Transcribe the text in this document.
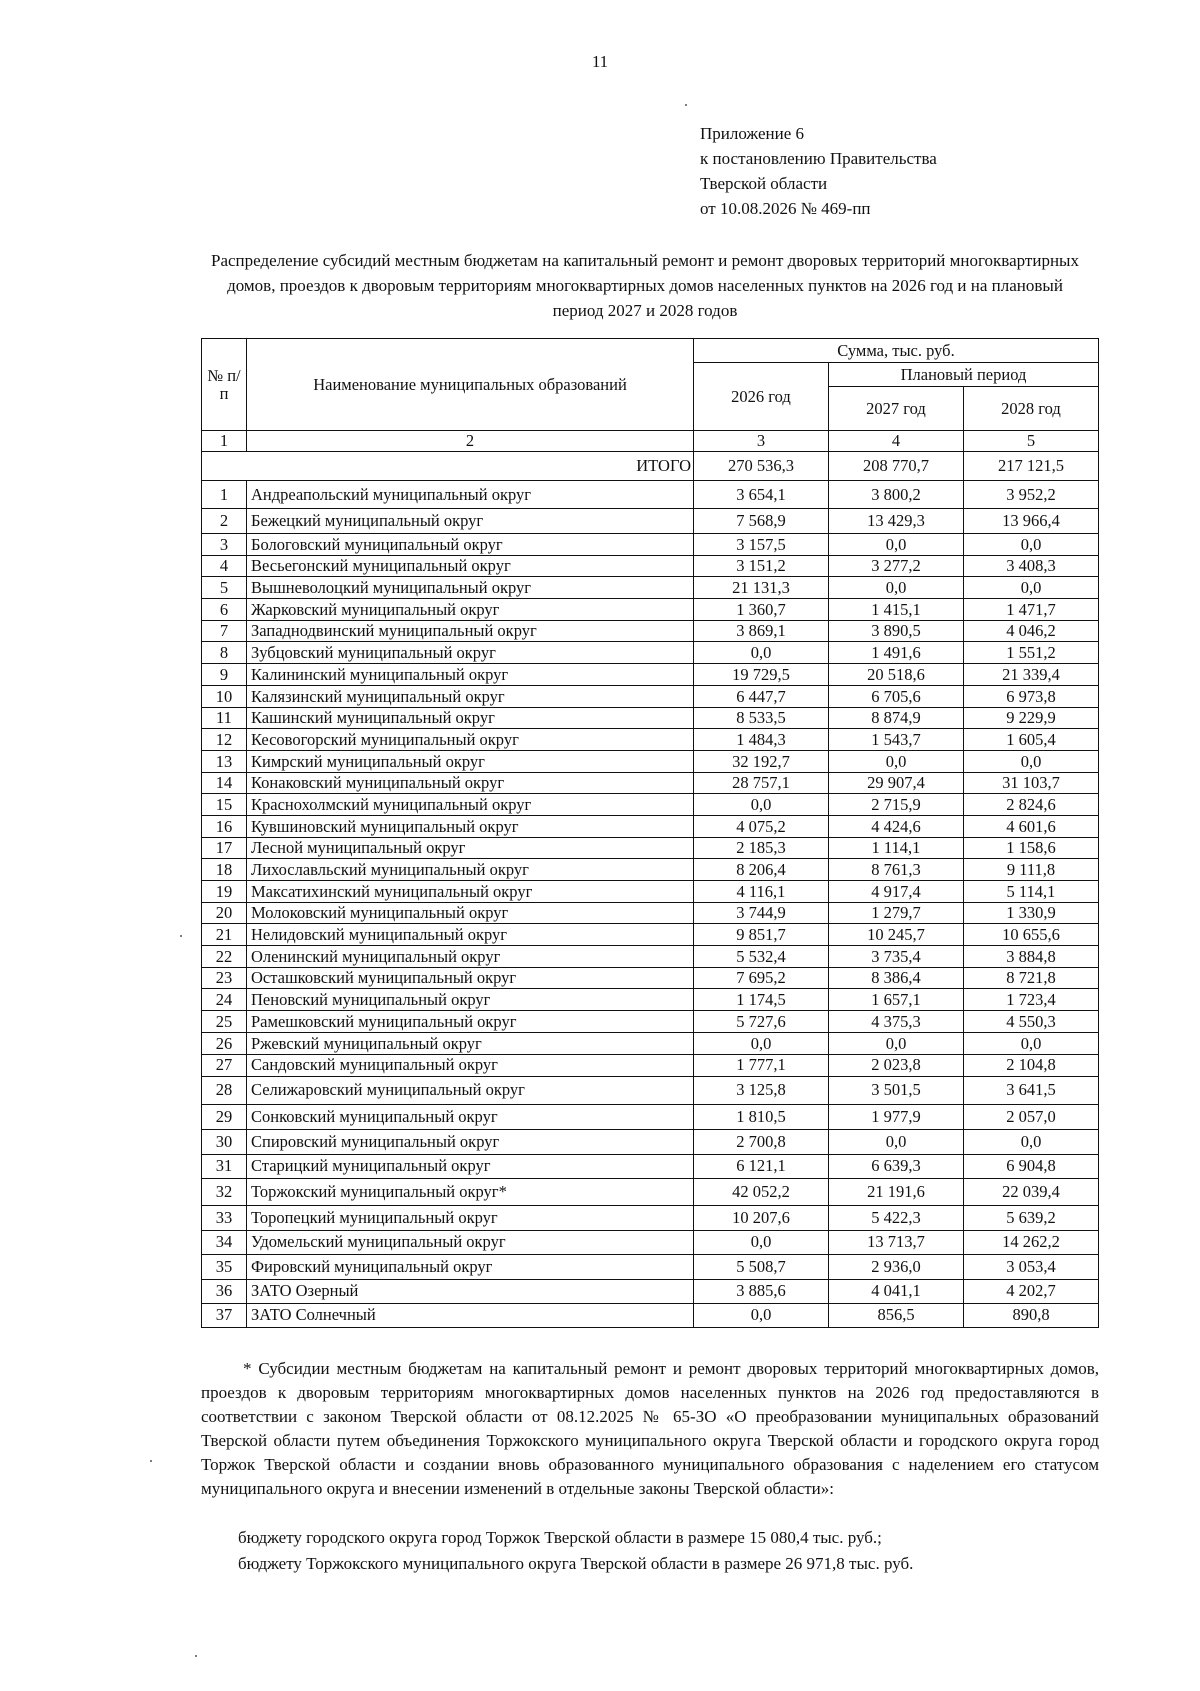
11
Приложение 6
к постановлению Правительства
Тверской области
от 10.08.2026 № 469-пп
Распределение субсидий местным бюджетам на капитальный ремонт и ремонт дворовых территорий многоквартирных домов, проездов к дворовым территориям многоквартирных домов населенных пунктов на 2026 год и на плановый период 2027 и 2028 годов
№ п/п	Наименование муниципальных образований	Сумма, тыс. руб.		
		2026 год	Плановый период	
			2027 год	2028 год
1	2	3	4	5
ИТОГО		270 536,3	208 770,7	217 121,5
1	Андреапольский муниципальный округ	3 654,1	3 800,2	3 952,2
2	Бежецкий муниципальный округ	7 568,9	13 429,3	13 966,4
3	Бологовский муниципальный округ	3 157,5	0,0	0,0
4	Весьегонский муниципальный округ	3 151,2	3 277,2	3 408,3
5	Вышневолоцкий муниципальный округ	21 131,3	0,0	0,0
6	Жарковский муниципальный округ	1 360,7	1 415,1	1 471,7
7	Западнодвинский муниципальный округ	3 869,1	3 890,5	4 046,2
8	Зубцовский муниципальный округ	0,0	1 491,6	1 551,2
9	Калининский муниципальный округ	19 729,5	20 518,6	21 339,4
10	Калязинский муниципальный округ	6 447,7	6 705,6	6 973,8
11	Кашинский муниципальный округ	8 533,5	8 874,9	9 229,9
12	Кесовогорский муниципальный округ	1 484,3	1 543,7	1 605,4
13	Кимрский муниципальный округ	32 192,7	0,0	0,0
14	Конаковский муниципальный округ	28 757,1	29 907,4	31 103,7
15	Краснохолмский муниципальный округ	0,0	2 715,9	2 824,6
16	Кувшиновский муниципальный округ	4 075,2	4 424,6	4 601,6
17	Лесной муниципальный округ	2 185,3	1 114,1	1 158,6
18	Лихославльский муниципальный округ	8 206,4	8 761,3	9 111,8
19	Максатихинский муниципальный округ	4 116,1	4 917,4	5 114,1
20	Молоковский муниципальный округ	3 744,9	1 279,7	1 330,9
21	Нелидовский муниципальный округ	9 851,7	10 245,7	10 655,6
22	Оленинский муниципальный округ	5 532,4	3 735,4	3 884,8
23	Осташковский муниципальный округ	7 695,2	8 386,4	8 721,8
24	Пеновский муниципальный округ	1 174,5	1 657,1	1 723,4
25	Рамешковский муниципальный округ	5 727,6	4 375,3	4 550,3
26	Ржевский муниципальный округ	0,0	0,0	0,0
27	Сандовский муниципальный округ	1 777,1	2 023,8	2 104,8
28	Селижаровский муниципальный округ	3 125,8	3 501,5	3 641,5
29	Сонковский муниципальный округ	1 810,5	1 977,9	2 057,0
30	Спировский муниципальный округ	2 700,8	0,0	0,0
31	Старицкий муниципальный округ	6 121,1	6 639,3	6 904,8
32	Торжокский муниципальный округ*	42 052,2	21 191,6	22 039,4
33	Торопецкий муниципальный округ	10 207,6	5 422,3	5 639,2
34	Удомельский муниципальный округ	0,0	13 713,7	14 262,2
35	Фировский муниципальный округ	5 508,7	2 936,0	3 053,4
36	ЗАТО Озерный	3 885,6	4 041,1	4 202,7
37	ЗАТО Солнечный	0,0	856,5	890,8

* Субсидии местным бюджетам на капитальный ремонт и ремонт дворовых территорий многоквартирных домов, проездов к дворовым территориям многоквартирных домов населенных пунктов на 2026 год предоставляются в соответствии с законом Тверской области от 08.12.2025 № 65-ЗО «О преобразовании муниципальных образований Тверской области путем объединения Торжокского муниципального округа Тверской области и городского округа город Торжок Тверской области и создании вновь образованного муниципального образования с наделением его статусом муниципального округа и внесении изменений в отдельные законы Тверской области»:

бюджету городского округа город Торжок Тверской области в размере 15 080,4 тыс. руб.;
бюджету Торжокского муниципального округа Тверской области в размере 26 971,8 тыс. руб.
